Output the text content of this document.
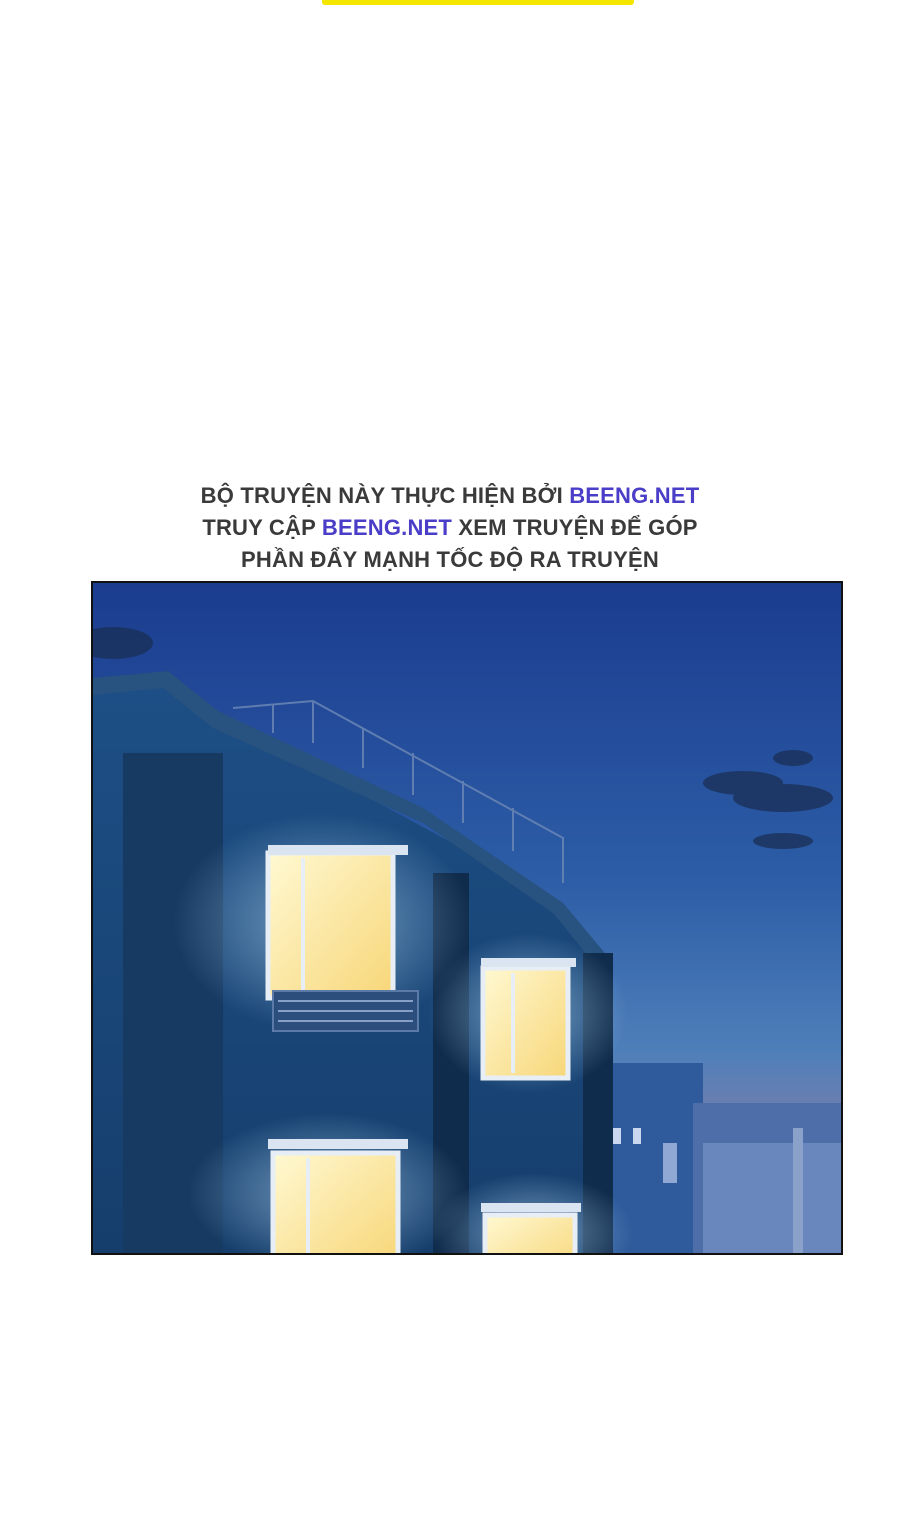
BỘ TRUYỆN NÀY THỰC HIỆN BỞI BEENG.NET
TRUY CẬP BEENG.NET XEM TRUYỆN ĐỂ GÓP
PHẦN ĐẨY MẠNH TỐC ĐỘ RA TRUYỆN
